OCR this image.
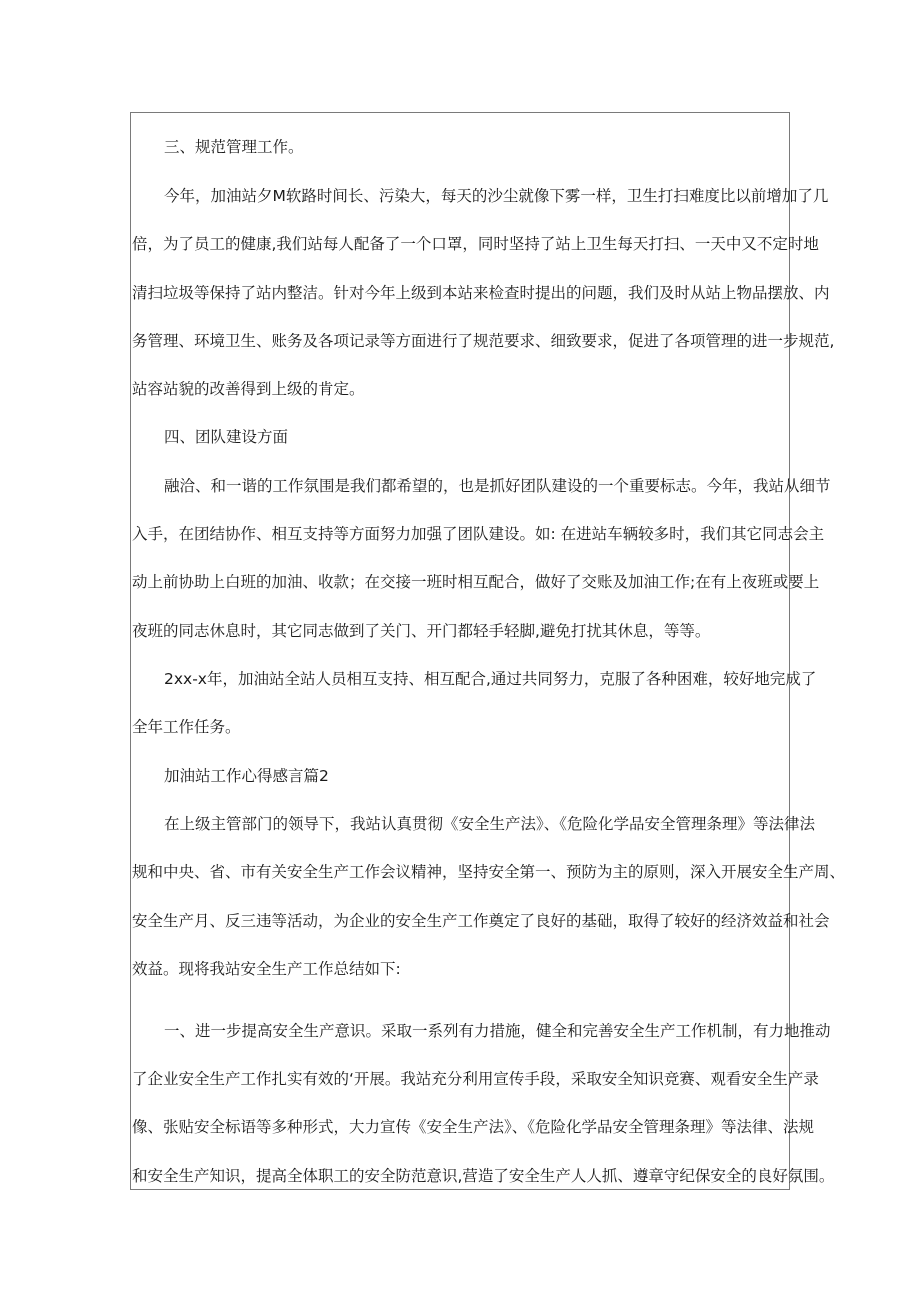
三、规范管理工作。
今年，加油站夕M软路时间长、污染大，每天的沙尘就像下雾一样，卫生打扫难度比以前增加了几
倍，为了员工的健康,我们站每人配备了一个口罩，同时坚持了站上卫生每天打扫、一天中又不定时地
清扫垃圾等保持了站内整洁。针对今年上级到本站来检查时提出的问题，我们及时从站上物品摆放、内
务管理、环境卫生、账务及各项记录等方面进行了规范要求、细致要求，促进了各项管理的进一步规范,
站容站貌的改善得到上级的肯定。
四、团队建设方面
融洽、和一谐的工作氛围是我们都希望的，也是抓好团队建设的一个重要标志。今年，我站从细节
入手，在团结协作、相互支持等方面努力加强了团队建设。如: 在进站车辆较多时，我们其它同志会主
动上前协助上白班的加油、收款；在交接一班时相互配合，做好了交账及加油工作;在有上夜班或要上
夜班的同志休息时，其它同志做到了关门、开门都轻手轻脚,避免打扰其休息，等等。
2xx-x年，加油站全站人员相互支持、相互配合,通过共同努力，克服了各种困难，较好地完成了
全年工作任务。
加油站工作心得感言篇2
在上级主管部门的领导下，我站认真贯彻《安全生产法》、《危险化学品安全管理条理》等法律法
规和中央、省、市有关安全生产工作会议精神，坚持安全第一、预防为主的原则，深入开展安全生产周、
安全生产月、反三违等活动，为企业的安全生产工作奠定了良好的基础，取得了较好的经济效益和社会
效益。现将我站安全生产工作总结如下:
一、进一步提高安全生产意识。采取一系列有力措施，健全和完善安全生产工作机制，有力地推动
了企业安全生产工作扎实有效的‘开展。我站充分利用宣传手段，采取安全知识竞赛、观看安全生产录
像、张贴安全标语等多种形式，大力宣传《安全生产法》、《危险化学品安全管理条理》等法律、法规
和安全生产知识，提高全体职工的安全防范意识,营造了安全生产人人抓、遵章守纪保安全的良好氛围。
